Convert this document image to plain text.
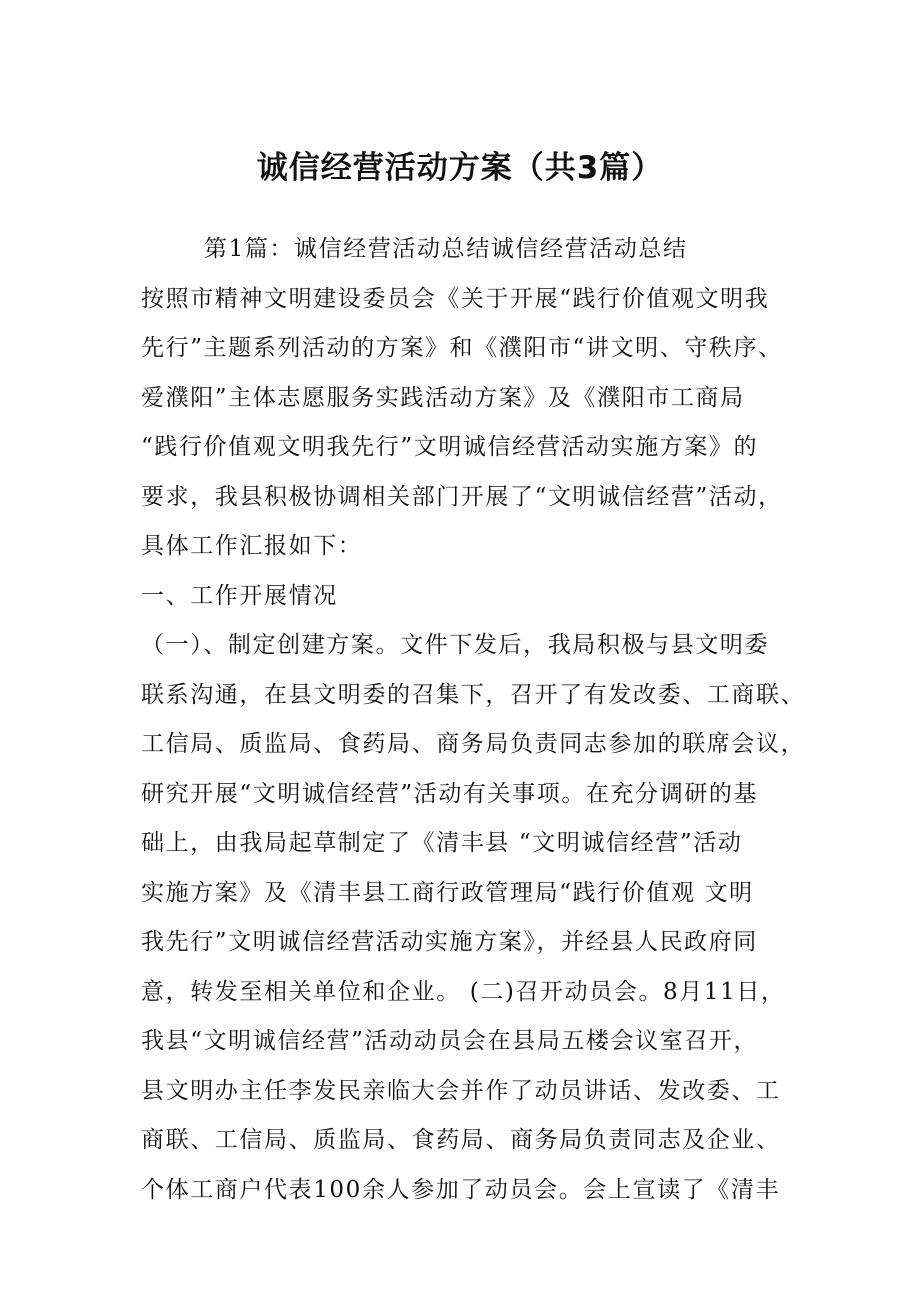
诚信经营活动方案（共3篇）
第1篇：诚信经营活动总结诚信经营活动总结
按照市精神文明建设委员会《关于开展“践行价值观文明我
先行”主题系列活动的方案》和《濮阳市“讲文明、守秩序、
爱濮阳”主体志愿服务实践活动方案》及《濮阳市工商局
“践行价值观文明我先行”文明诚信经营活动实施方案》的
要求，我县积极协调相关部门开展了“文明诚信经营”活动，
具体工作汇报如下：
一、工作开展情况
（一）、制定创建方案。文件下发后，我局积极与县文明委
联系沟通，在县文明委的召集下，召开了有发改委、工商联、
工信局、质监局、食药局、商务局负责同志参加的联席会议，
研究开展“文明诚信经营”活动有关事项。在充分调研的基
础上，由我局起草制定了《清丰县 “文明诚信经营”活动
实施方案》及《清丰县工商行政管理局“践行价值观 文明
我先行”文明诚信经营活动实施方案》，并经县人民政府同
意，转发至相关单位和企业。 (二)召开动员会。8月11日，
我县“文明诚信经营”活动动员会在县局五楼会议室召开，
县文明办主任李发民亲临大会并作了动员讲话、发改委、工
商联、工信局、质监局、食药局、商务局负责同志及企业、
个体工商户代表100余人参加了动员会。会上宣读了《清丰
